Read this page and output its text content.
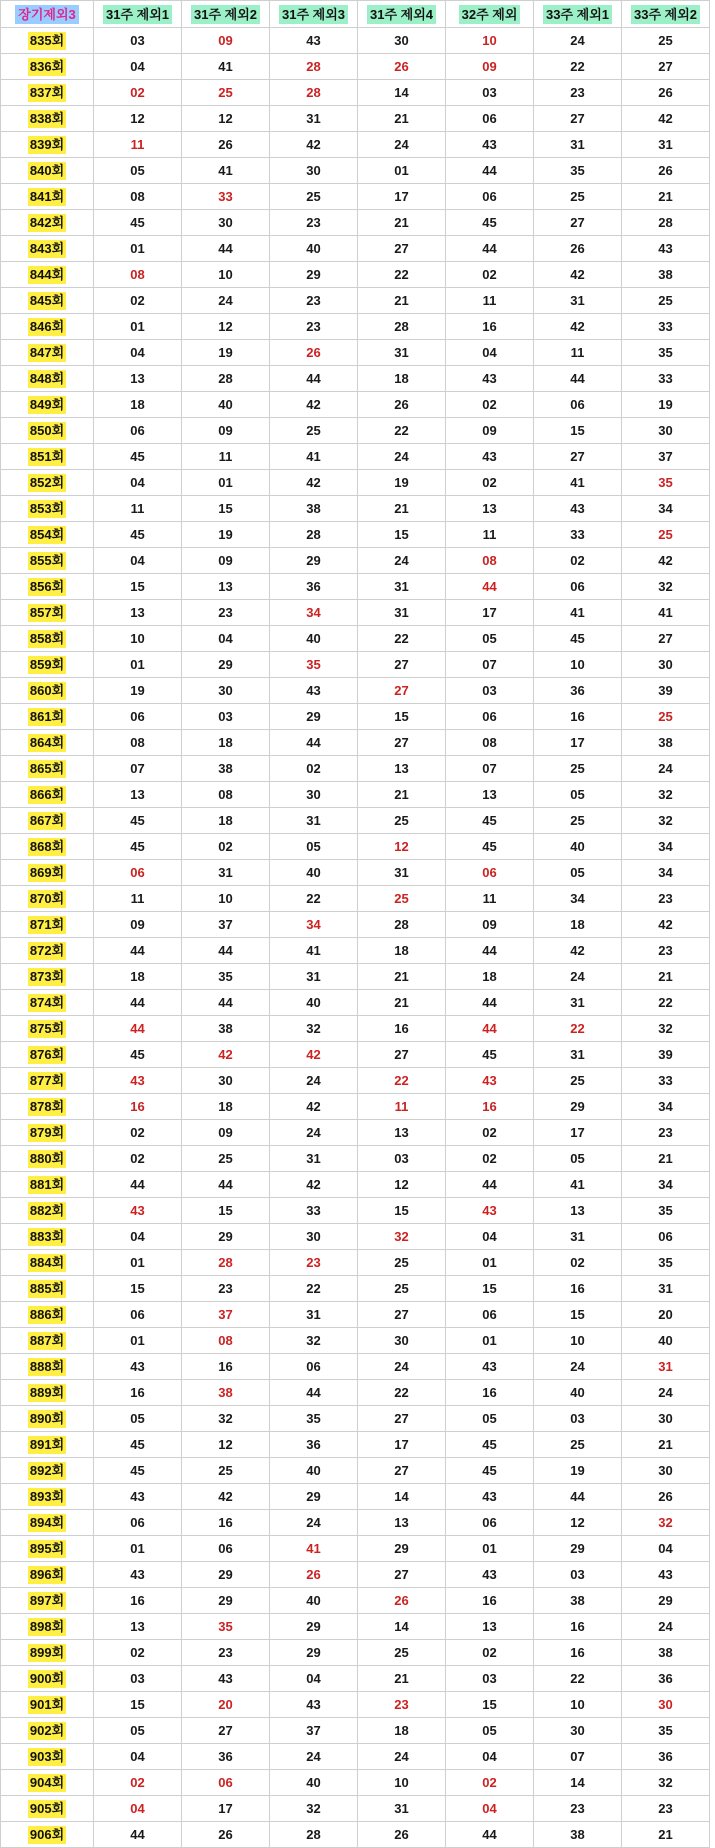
장기제외3	31주 제외1	31주 제외2	31주 제외3	31주 제외4	32주 제외	33주 제외1	33주 제외2
835회	03	09	43	30	10	24	25
836회	04	41	28	26	09	22	27
837회	02	25	28	14	03	23	26
838회	12	12	31	21	06	27	42
839회	11	26	42	24	43	31	31
840회	05	41	30	01	44	35	26
841회	08	33	25	17	06	25	21
842회	45	30	23	21	45	27	28
843회	01	44	40	27	44	26	43
844회	08	10	29	22	02	42	38
845회	02	24	23	21	11	31	25
846회	01	12	23	28	16	42	33
847회	04	19	26	31	04	11	35
848회	13	28	44	18	43	44	33
849회	18	40	42	26	02	06	19
850회	06	09	25	22	09	15	30
851회	45	11	41	24	43	27	37
852회	04	01	42	19	02	41	35
853회	11	15	38	21	13	43	34
854회	45	19	28	15	11	33	25
855회	04	09	29	24	08	02	42
856회	15	13	36	31	44	06	32
857회	13	23	34	31	17	41	41
858회	10	04	40	22	05	45	27
859회	01	29	35	27	07	10	30
860회	19	30	43	27	03	36	39
861회	06	03	29	15	06	16	25
864회	08	18	44	27	08	17	38
865회	07	38	02	13	07	25	24
866회	13	08	30	21	13	05	32
867회	45	18	31	25	45	25	32
868회	45	02	05	12	45	40	34
869회	06	31	40	31	06	05	34
870회	11	10	22	25	11	34	23
871회	09	37	34	28	09	18	42
872회	44	44	41	18	44	42	23
873회	18	35	31	21	18	24	21
874회	44	44	40	21	44	31	22
875회	44	38	32	16	44	22	32
876회	45	42	42	27	45	31	39
877회	43	30	24	22	43	25	33
878회	16	18	42	11	16	29	34
879회	02	09	24	13	02	17	23
880회	02	25	31	03	02	05	21
881회	44	44	42	12	44	41	34
882회	43	15	33	15	43	13	35
883회	04	29	30	32	04	31	06
884회	01	28	23	25	01	02	35
885회	15	23	22	25	15	16	31
886회	06	37	31	27	06	15	20
887회	01	08	32	30	01	10	40
888회	43	16	06	24	43	24	31
889회	16	38	44	22	16	40	24
890회	05	32	35	27	05	03	30
891회	45	12	36	17	45	25	21
892회	45	25	40	27	45	19	30
893회	43	42	29	14	43	44	26
894회	06	16	24	13	06	12	32
895회	01	06	41	29	01	29	04
896회	43	29	26	27	43	03	43
897회	16	29	40	26	16	38	29
898회	13	35	29	14	13	16	24
899회	02	23	29	25	02	16	38
900회	03	43	04	21	03	22	36
901회	15	20	43	23	15	10	30
902회	05	27	37	18	05	30	35
903회	04	36	24	24	04	07	36
904회	02	06	40	10	02	14	32
905회	04	17	32	31	04	23	23
906회	44	26	28	26	44	38	21
